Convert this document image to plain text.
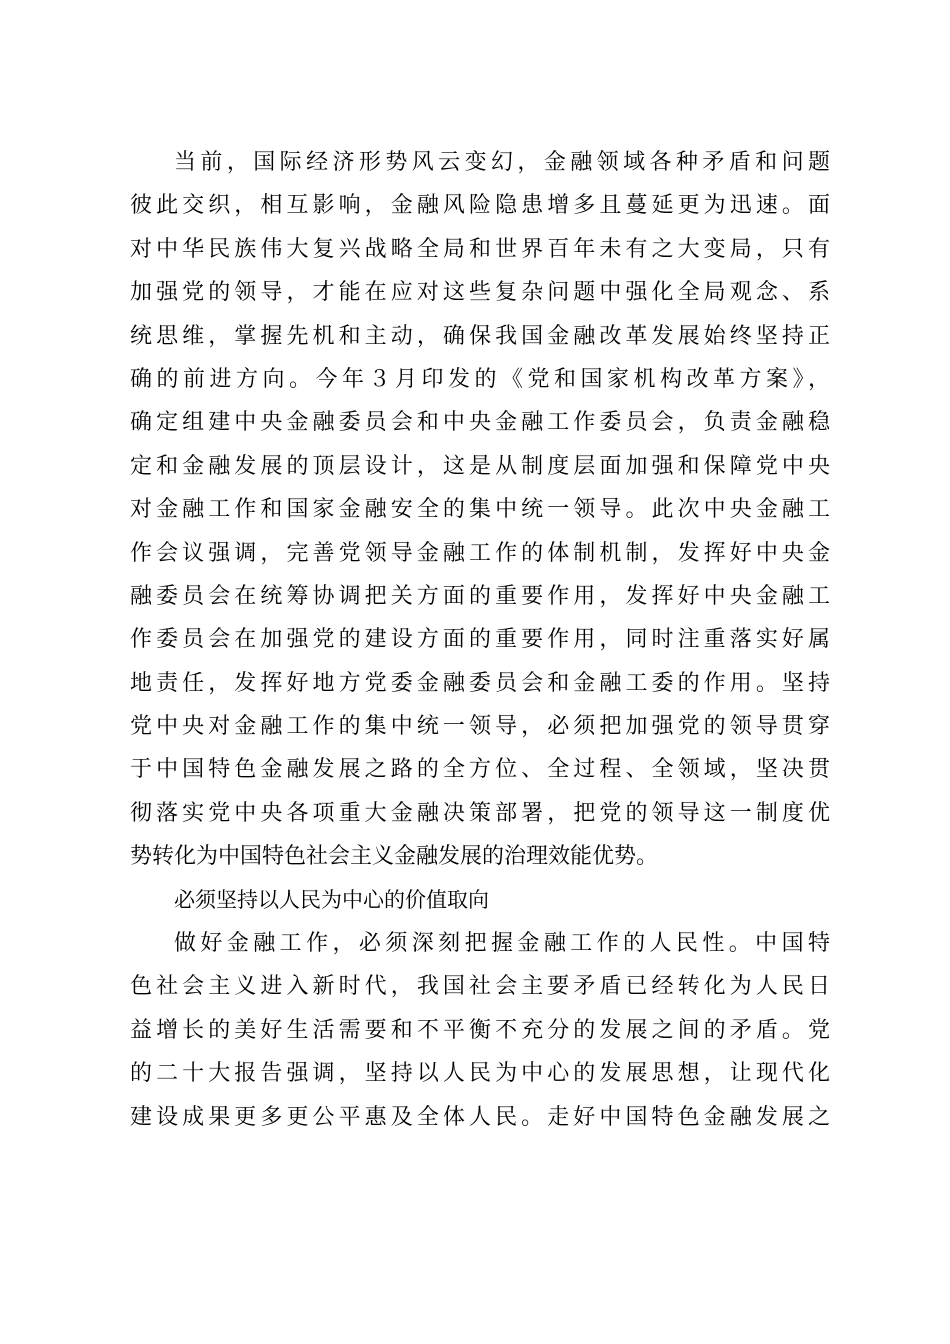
当前，国际经济形势风云变幻，金融领域各种矛盾和问题
彼此交织，相互影响，金融风险隐患增多且蔓延更为迅速。面
对中华民族伟大复兴战略全局和世界百年未有之大变局，只有
加强党的领导，才能在应对这些复杂问题中强化全局观念、系
统思维，掌握先机和主动，确保我国金融改革发展始终坚持正
确的前进方向。今年３月印发的《党和国家机构改革方案》，
确定组建中央金融委员会和中央金融工作委员会，负责金融稳
定和金融发展的顶层设计，这是从制度层面加强和保障党中央
对金融工作和国家金融安全的集中统一领导。此次中央金融工
作会议强调，完善党领导金融工作的体制机制，发挥好中央金
融委员会在统筹协调把关方面的重要作用，发挥好中央金融工
作委员会在加强党的建设方面的重要作用，同时注重落实好属
地责任，发挥好地方党委金融委员会和金融工委的作用。坚持
党中央对金融工作的集中统一领导，必须把加强党的领导贯穿
于中国特色金融发展之路的全方位、全过程、全领域，坚决贯
彻落实党中央各项重大金融决策部署，把党的领导这一制度优
势转化为中国特色社会主义金融发展的治理效能优势。
必须坚持以人民为中心的价值取向
做好金融工作，必须深刻把握金融工作的人民性。中国特
色社会主义进入新时代，我国社会主要矛盾已经转化为人民日
益增长的美好生活需要和不平衡不充分的发展之间的矛盾。党
的二十大报告强调，坚持以人民为中心的发展思想，让现代化
建设成果更多更公平惠及全体人民。走好中国特色金融发展之
